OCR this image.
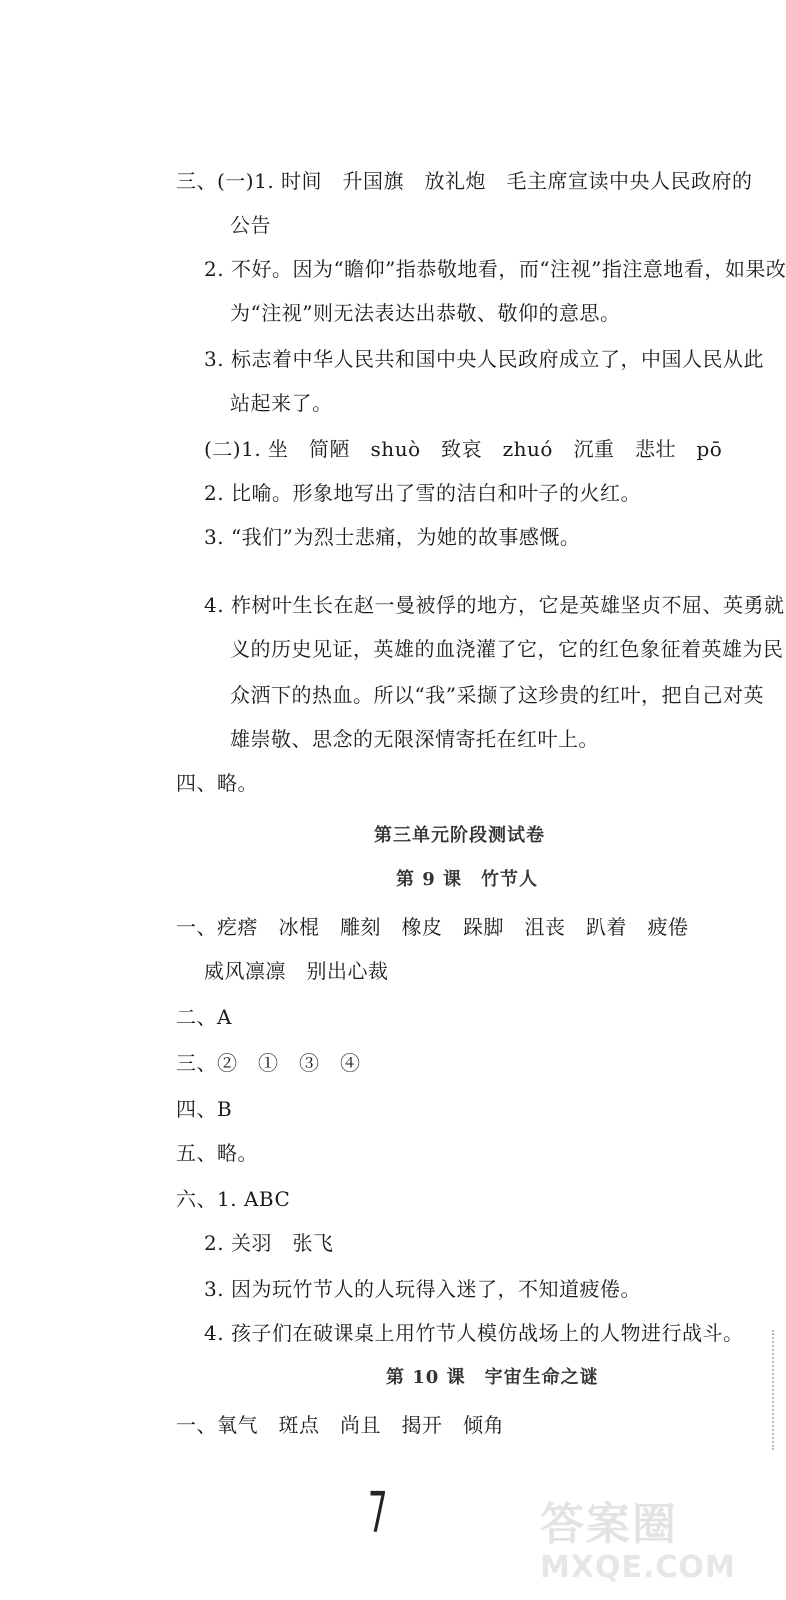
三、(一)1. 时间　升国旗　放礼炮　毛主席宣读中央人民政府的
公告
2. 不好。因为“瞻仰”指恭敬地看，而“注视”指注意地看，如果改
为“注视”则无法表达出恭敬、敬仰的意思。
3. 标志着中华人民共和国中央人民政府成立了，中国人民从此
站起来了。
(二)1. 坐　简陋　shuò　致哀　zhuó　沉重　悲壮　pō
2. 比喻。形象地写出了雪的洁白和叶子的火红。
3. “我们”为烈士悲痛，为她的故事感慨。
4. 柞树叶生长在赵一曼被俘的地方，它是英雄坚贞不屈、英勇就
义的历史见证，英雄的血浇灌了它，它的红色象征着英雄为民
众洒下的热血。所以“我”采撷了这珍贵的红叶，把自己对英
雄崇敬、思念的无限深情寄托在红叶上。
四、略。
第三单元阶段测试卷
第 9 课　竹节人
一、疙瘩　冰棍　雕刻　橡皮　跺脚　沮丧　趴着　疲倦
威风凛凛　别出心裁
二、A
三、②　①　③　④
四、B
五、略。
六、1. ABC
2. 关羽　张飞
3. 因为玩竹节人的人玩得入迷了，不知道疲倦。
4. 孩子们在破课桌上用竹节人模仿战场上的人物进行战斗。
第 10 课　宇宙生命之谜
一、氧气　斑点　尚且　揭开　倾角
7	答案圈
MXQE.COM
